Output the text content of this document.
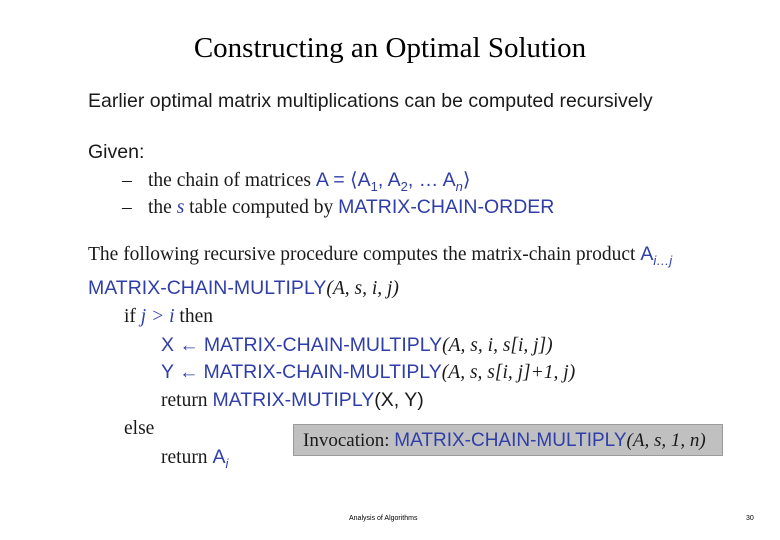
Constructing an Optimal Solution
Earlier optimal matrix multiplications can be computed recursively
Given:
– the chain of matrices $A = ⟨A_1$, $A_2$, … $A_n⟩$
– the s table computed by MATRIX-CHAIN-ORDER
The following recursive procedure computes the matrix-chain product $A_{i\dots j}$
MATRIX-CHAIN-MULTIPLY(A, s, i, j)
if j > i then
X ← MATRIX-CHAIN-MULTIPLY(A, s, i, s[i, j])
Y ← MATRIX-CHAIN-MULTIPLY(A, s, s[i, j]+1, j)
return MATRIX-MUTIPLY(X, Y)
else
return $A_i$
Invocation: MATRIX-CHAIN-MULTIPLY(A, s, 1, n)
Analysis of Algorithms	30
